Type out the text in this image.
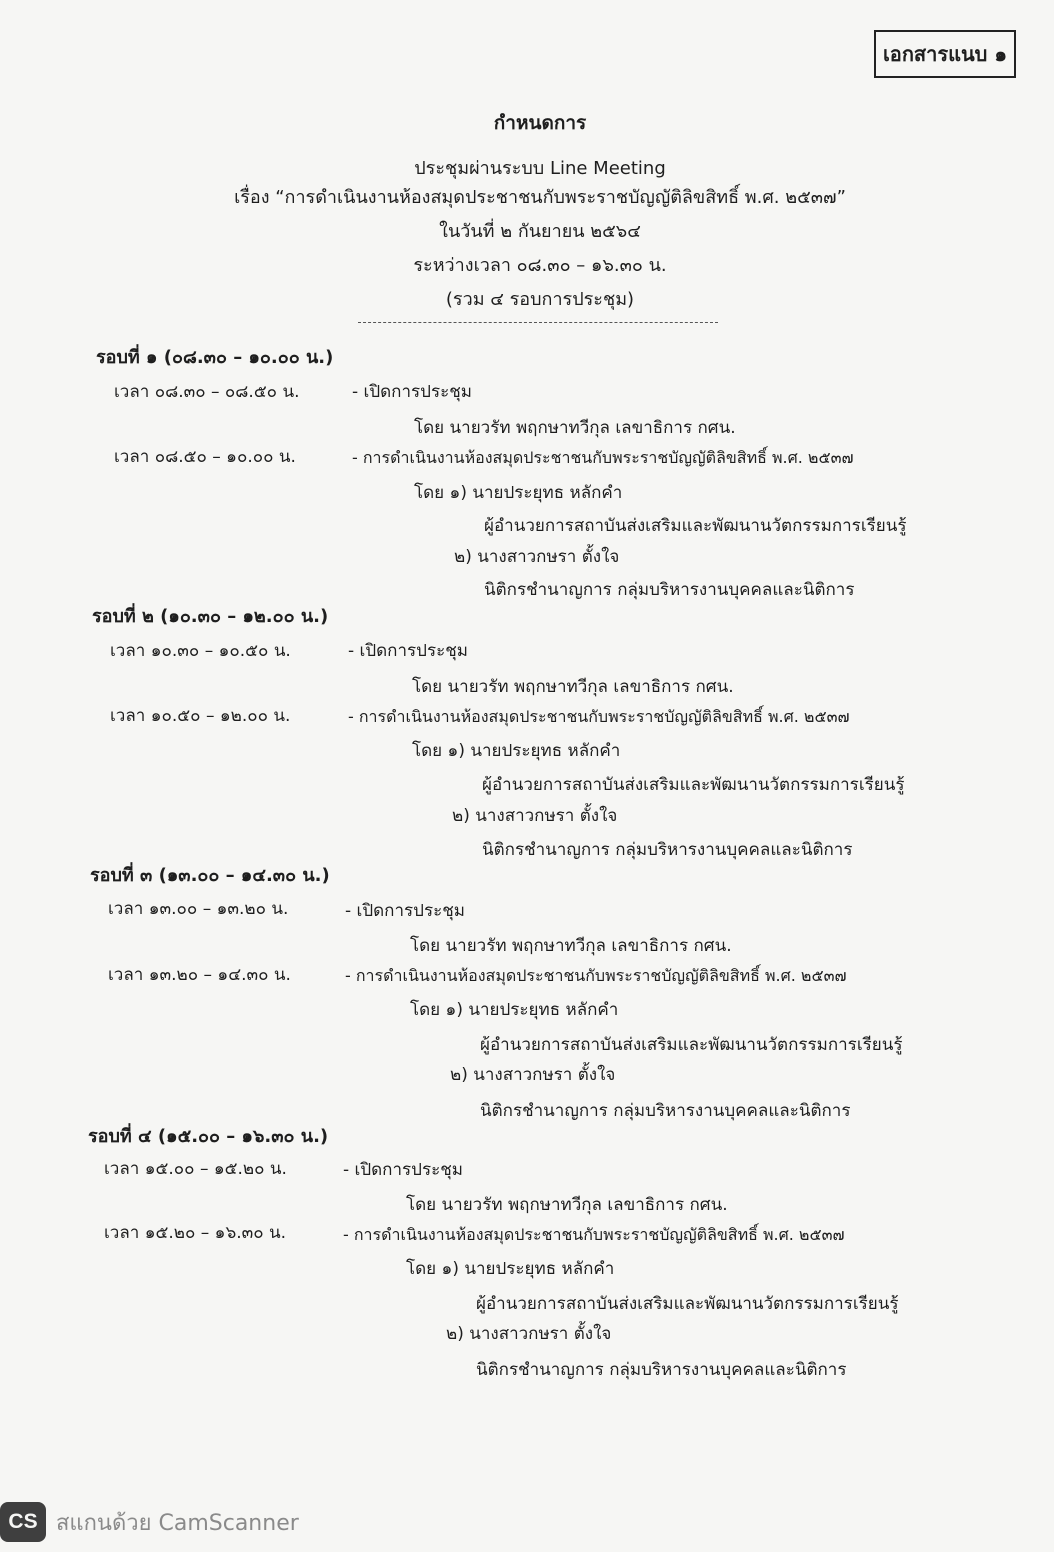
เอกสารแนบ ๑
กำหนดการ
ประชุมผ่านระบบ Line Meeting
เรื่อง “การดำเนินงานห้องสมุดประชาชนกับพระราชบัญญัติลิขสิทธิ์ พ.ศ. ๒๕๓๗”
ในวันที่ ๒ กันยายน ๒๕๖๔
ระหว่างเวลา ๐๘.๓๐ – ๑๖.๓๐ น.
(รวม ๔ รอบการประชุม)
รอบที่ ๑ (๐๘.๓๐ – ๑๐.๐๐ น.)
เวลา ๐๘.๓๐ – ๐๘.๕๐ น.	- เปิดการประชุม
โดย นายวรัท พฤกษาทวีกุล เลขาธิการ กศน.
เวลา ๐๘.๕๐ – ๑๐.๐๐ น.	- การดำเนินงานห้องสมุดประชาชนกับพระราชบัญญัติลิขสิทธิ์ พ.ศ. ๒๕๓๗
โดย ๑) นายประยุทธ หลักคำ
ผู้อำนวยการสถาบันส่งเสริมและพัฒนานวัตกรรมการเรียนรู้
๒) นางสาวกษรา ตั้งใจ
นิติกรชำนาญการ กลุ่มบริหารงานบุคคลและนิติการ
รอบที่ ๒ (๑๐.๓๐ – ๑๒.๐๐ น.)
เวลา ๑๐.๓๐ – ๑๐.๕๐ น.	- เปิดการประชุม
โดย นายวรัท พฤกษาทวีกุล เลขาธิการ กศน.
เวลา ๑๐.๕๐ – ๑๒.๐๐ น.	- การดำเนินงานห้องสมุดประชาชนกับพระราชบัญญัติลิขสิทธิ์ พ.ศ. ๒๕๓๗
โดย ๑) นายประยุทธ หลักคำ
ผู้อำนวยการสถาบันส่งเสริมและพัฒนานวัตกรรมการเรียนรู้
๒) นางสาวกษรา ตั้งใจ
นิติกรชำนาญการ กลุ่มบริหารงานบุคคลและนิติการ
รอบที่ ๓ (๑๓.๐๐ – ๑๔.๓๐ น.)
เวลา ๑๓.๐๐ – ๑๓.๒๐ น.	- เปิดการประชุม
โดย นายวรัท พฤกษาทวีกุล เลขาธิการ กศน.
เวลา ๑๓.๒๐ – ๑๔.๓๐ น.	- การดำเนินงานห้องสมุดประชาชนกับพระราชบัญญัติลิขสิทธิ์ พ.ศ. ๒๕๓๗
โดย ๑) นายประยุทธ หลักคำ
ผู้อำนวยการสถาบันส่งเสริมและพัฒนานวัตกรรมการเรียนรู้
๒) นางสาวกษรา ตั้งใจ
นิติกรชำนาญการ กลุ่มบริหารงานบุคคลและนิติการ
รอบที่ ๔ (๑๕.๐๐ – ๑๖.๓๐ น.)
เวลา ๑๕.๐๐ – ๑๕.๒๐ น.	- เปิดการประชุม
โดย นายวรัท พฤกษาทวีกุล เลขาธิการ กศน.
เวลา ๑๕.๒๐ – ๑๖.๓๐ น.	- การดำเนินงานห้องสมุดประชาชนกับพระราชบัญญัติลิขสิทธิ์ พ.ศ. ๒๕๓๗
โดย ๑) นายประยุทธ หลักคำ
ผู้อำนวยการสถาบันส่งเสริมและพัฒนานวัตกรรมการเรียนรู้
๒) นางสาวกษรา ตั้งใจ
นิติกรชำนาญการ กลุ่มบริหารงานบุคคลและนิติการ
CS สแกนด้วย CamScanner
